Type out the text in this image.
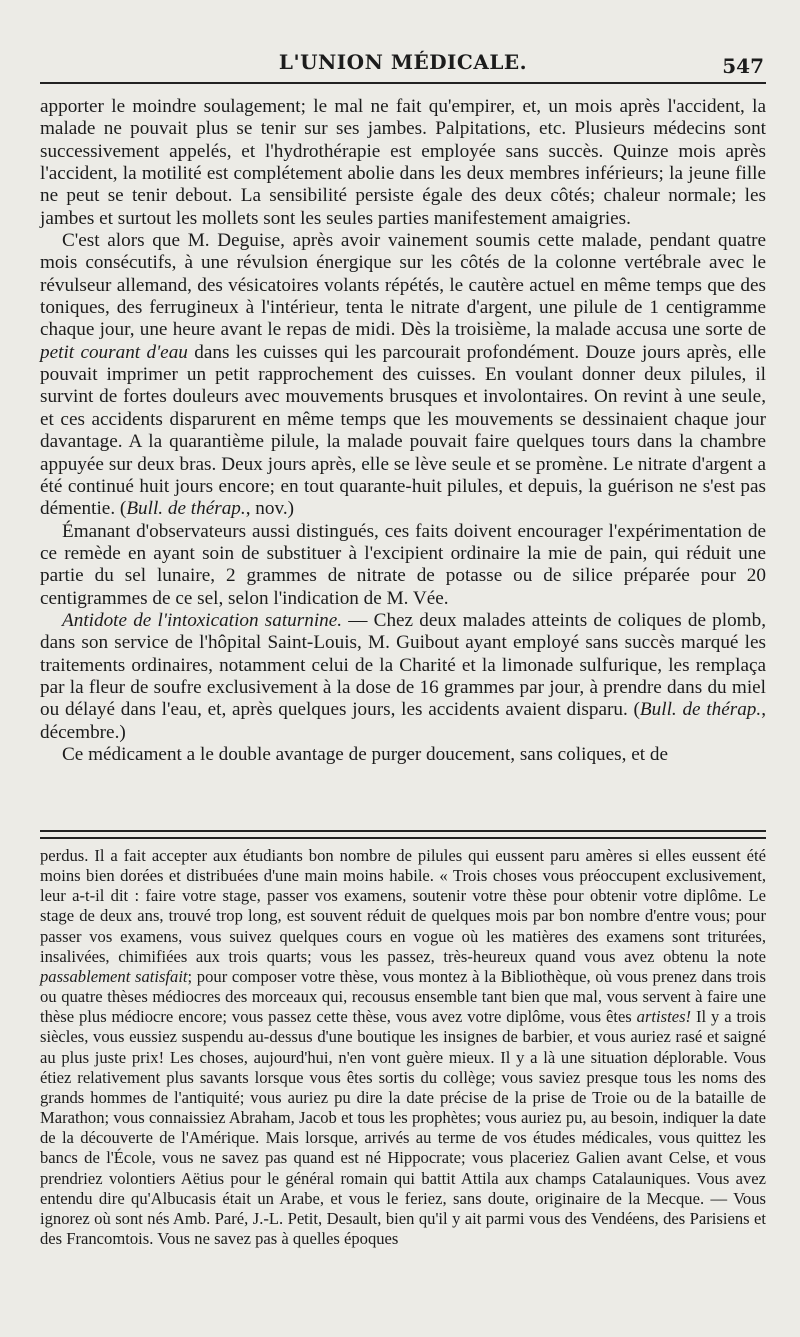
L'UNION MÉDICALE.	547

apporter le moindre soulagement; le mal ne fait qu'empirer, et, un mois après l'accident, la malade ne pouvait plus se tenir sur ses jambes. Palpitations, etc. Plusieurs médecins sont successivement appelés, et l'hydrothérapie est employée sans succès. Quinze mois après l'accident, la motilité est complétement abolie dans les deux membres inférieurs; la jeune fille ne peut se tenir debout. La sensibilité persiste égale des deux côtés; chaleur normale; les jambes et surtout les mollets sont les seules parties manifestement amaigries.

C'est alors que M. Deguise, après avoir vainement soumis cette malade, pendant quatre mois consécutifs, à une révulsion énergique sur les côtés de la colonne vertébrale avec le révulseur allemand, des vésicatoires volants répétés, le cautère actuel en même temps que des toniques, des ferrugineux à l'intérieur, tenta le nitrate d'argent, une pilule de 1 centigramme chaque jour, une heure avant le repas de midi. Dès la troisième, la malade accusa une sorte de petit courant d'eau dans les cuisses qui les parcourait profondément. Douze jours après, elle pouvait imprimer un petit rapprochement des cuisses. En voulant donner deux pilules, il survint de fortes douleurs avec mouvements brusques et involontaires. On revint à une seule, et ces accidents disparurent en même temps que les mouvements se dessinaient chaque jour davantage. A la quarantième pilule, la malade pouvait faire quelques tours dans la chambre appuyée sur deux bras. Deux jours après, elle se lève seule et se promène. Le nitrate d'argent a été continué huit jours encore; en tout quarante-huit pilules, et depuis, la guérison ne s'est pas démentie. (Bull. de thérap., nov.)

Émanant d'observateurs aussi distingués, ces faits doivent encourager l'expérimentation de ce remède en ayant soin de substituer à l'excipient ordinaire la mie de pain, qui réduit une partie du sel lunaire, 2 grammes de nitrate de potasse ou de silice préparée pour 20 centigrammes de ce sel, selon l'indication de M. Vée.

Antidote de l'intoxication saturnine. — Chez deux malades atteints de coliques de plomb, dans son service de l'hôpital Saint-Louis, M. Guibout ayant employé sans succès marqué les traitements ordinaires, notamment celui de la Charité et la limonade sulfurique, les remplaça par la fleur de soufre exclusivement à la dose de 16 grammes par jour, à prendre dans du miel ou délayé dans l'eau, et, après quelques jours, les accidents avaient disparu. (Bull. de thérap., décembre.)

Ce médicament a le double avantage de purger doucement, sans coliques, et de

perdus. Il a fait accepter aux étudiants bon nombre de pilules qui eussent paru amères si elles eussent été moins bien dorées et distribuées d'une main moins habile. « Trois choses vous préoccupent exclusivement, leur a-t-il dit : faire votre stage, passer vos examens, soutenir votre thèse pour obtenir votre diplôme. Le stage de deux ans, trouvé trop long, est souvent réduit de quelques mois par bon nombre d'entre vous; pour passer vos examens, vous suivez quelques cours en vogue où les matières des examens sont triturées, insalivées, chimifiées aux trois quarts; vous les passez, très-heureux quand vous avez obtenu la note passablement satisfait; pour composer votre thèse, vous montez à la Bibliothèque, où vous prenez dans trois ou quatre thèses médiocres des morceaux qui, recousus ensemble tant bien que mal, vous servent à faire une thèse plus médiocre encore; vous passez cette thèse, vous avez votre diplôme, vous êtes artistes! Il y a trois siècles, vous eussiez suspendu au-dessus d'une boutique les insignes de barbier, et vous auriez rasé et saigné au plus juste prix! Les choses, aujourd'hui, n'en vont guère mieux. Il y a là une situation déplorable. Vous étiez relativement plus savants lorsque vous êtes sortis du collège; vous saviez presque tous les noms des grands hommes de l'antiquité; vous auriez pu dire la date précise de la prise de Troie ou de la bataille de Marathon; vous connaissiez Abraham, Jacob et tous les prophètes; vous auriez pu, au besoin, indiquer la date de la découverte de l'Amérique. Mais lorsque, arrivés au terme de vos études médicales, vous quittez les bancs de l'École, vous ne savez pas quand est né Hippocrate; vous placeriez Galien avant Celse, et vous prendriez volontiers Aëtius pour le général romain qui battit Attila aux champs Catalauniques. Vous avez entendu dire qu'Albucasis était un Arabe, et vous le feriez, sans doute, originaire de la Mecque. — Vous ignorez où sont nés Amb. Paré, J.-L. Petit, Desault, bien qu'il y ait parmi vous des Vendéens, des Parisiens et des Francomtois. Vous ne savez pas à quelles époques
